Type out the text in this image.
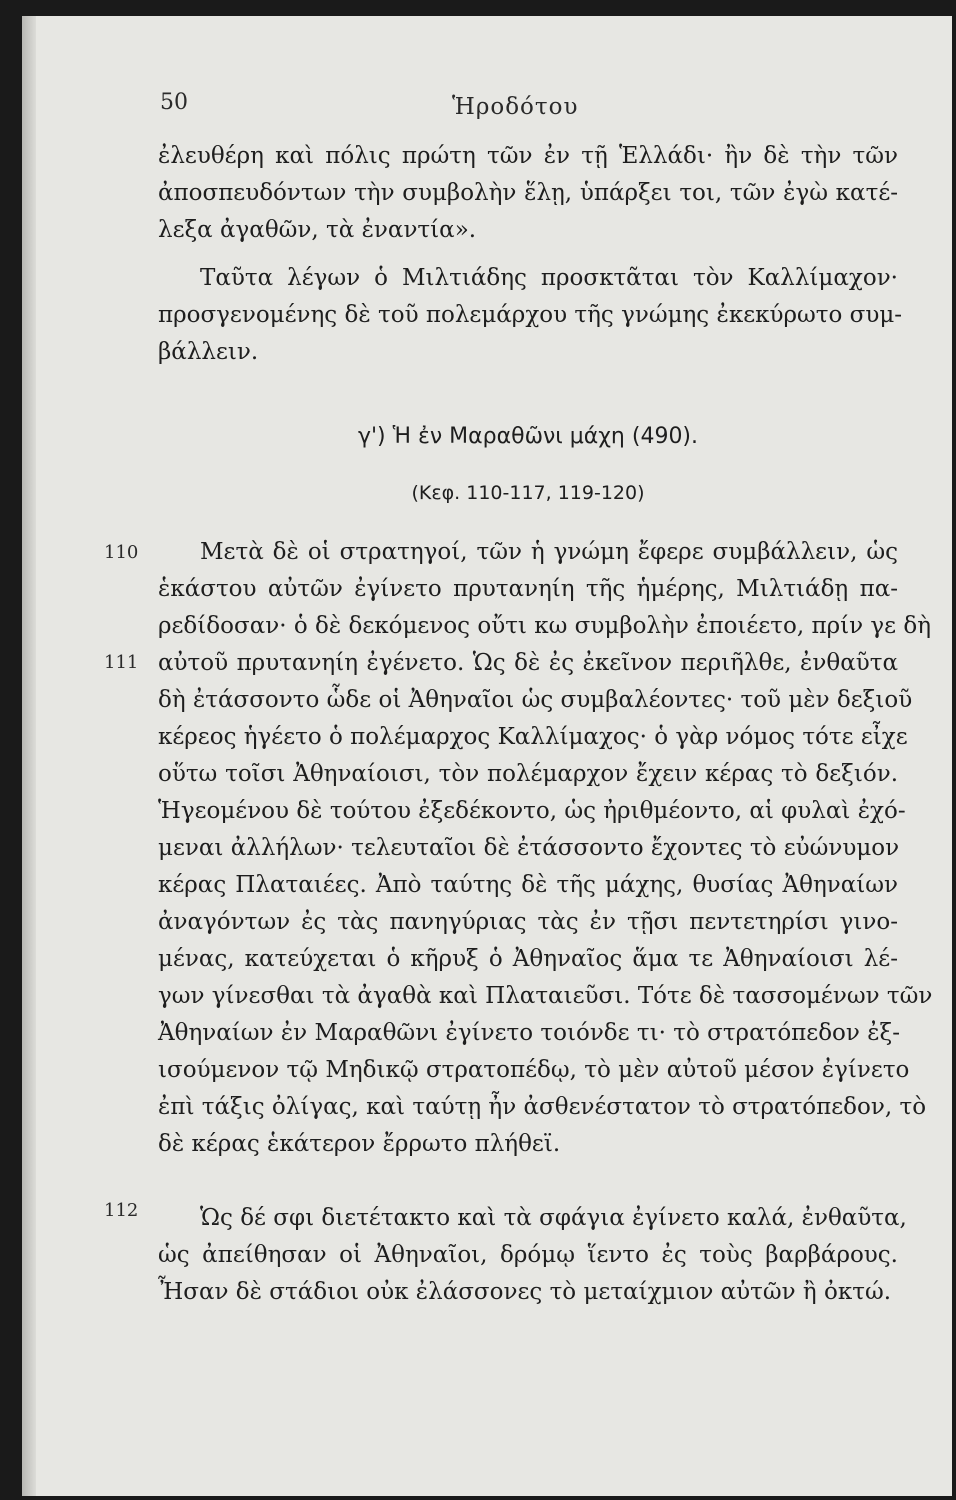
50	Ἡροδότου
ἐλευθέρη καὶ πόλις πρώτη τῶν ἐν τῇ Ἑλλάδι· ἢν δὲ τὴν τῶν
ἀποσπευδόντων τὴν συμβολὴν ἕλῃ, ὑπάρξει τοι, τῶν ἐγὼ κατέ-
λεξα ἀγαθῶν, τὰ ἐναντία».
Ταῦτα λέγων ὁ Μιλτιάδης προσκτᾶται τὸν Καλλίμαχον·
προσγενομένης δὲ τοῦ πολεμάρχου τῆς γνώμης ἐκεκύρωτο συμ-
βάλλειν.
γ') Ἡ ἐν Μαραθῶνι μάχη (490).
(Κεφ. 110-117, 119-120)
110
111
112
Μετὰ δὲ οἱ στρατηγοί, τῶν ἡ γνώμη ἔφερε συμβάλλειν, ὡς
ἑκάστου αὐτῶν ἐγίνετο πρυτανηίη τῆς ἡμέρης, Μιλτιάδῃ πα-
ρεδίδοσαν· ὁ δὲ δεκόμενος οὔτι κω συμβολὴν ἐποιέετο, πρίν γε δὴ
αὐτοῦ πρυτανηίη ἐγένετο. Ὡς δὲ ἐς ἐκεῖνον περιῆλθε, ἐνθαῦτα
δὴ ἐτάσσοντο ὧδε οἱ Ἀθηναῖοι ὡς συμβαλέοντες· τοῦ μὲν δεξιοῦ
κέρεος ἡγέετο ὁ πολέμαρχος Καλλίμαχος· ὁ γὰρ νόμος τότε εἶχε
οὕτω τοῖσι Ἀθηναίοισι, τὸν πολέμαρχον ἔχειν κέρας τὸ δεξιόν.
Ἡγεομένου δὲ τούτου ἐξεδέκοντο, ὡς ἠριθμέοντο, αἱ φυλαὶ ἐχό-
μεναι ἀλλήλων· τελευταῖοι δὲ ἐτάσσοντο ἔχοντες τὸ εὐώνυμον
κέρας Πλαταιέες. Ἀπὸ ταύτης δὲ τῆς μάχης, θυσίας Ἀθηναίων
ἀναγόντων ἐς τὰς πανηγύριας τὰς ἐν τῇσι πεντετηρίσι γινο-
μένας, κατεύχεται ὁ κῆρυξ ὁ Ἀθηναῖος ἅμα τε Ἀθηναίοισι λέ-
γων γίνεσθαι τὰ ἀγαθὰ καὶ Πλαταιεῦσι. Τότε δὲ τασσομένων τῶν
Ἀθηναίων ἐν Μαραθῶνι ἐγίνετο τοιόνδε τι· τὸ στρατόπεδον ἐξ-
ισούμενον τῷ Μηδικῷ στρατοπέδῳ, τὸ μὲν αὐτοῦ μέσον ἐγίνετο
ἐπὶ τάξις ὀλίγας, καὶ ταύτῃ ἦν ἀσθενέστατον τὸ στρατόπεδον, τὸ
δὲ κέρας ἑκάτερον ἔρρωτο πλήθεϊ.
Ὡς δέ σφι διετέτακτο καὶ τὰ σφάγια ἐγίνετο καλά, ἐνθαῦτα,
ὡς ἀπείθησαν οἱ Ἀθηναῖοι, δρόμῳ ἵεντο ἐς τοὺς βαρβάρους.
Ἦσαν δὲ στάδιοι οὐκ ἐλάσσονες τὸ μεταίχμιον αὐτῶν ἢ ὀκτώ.
